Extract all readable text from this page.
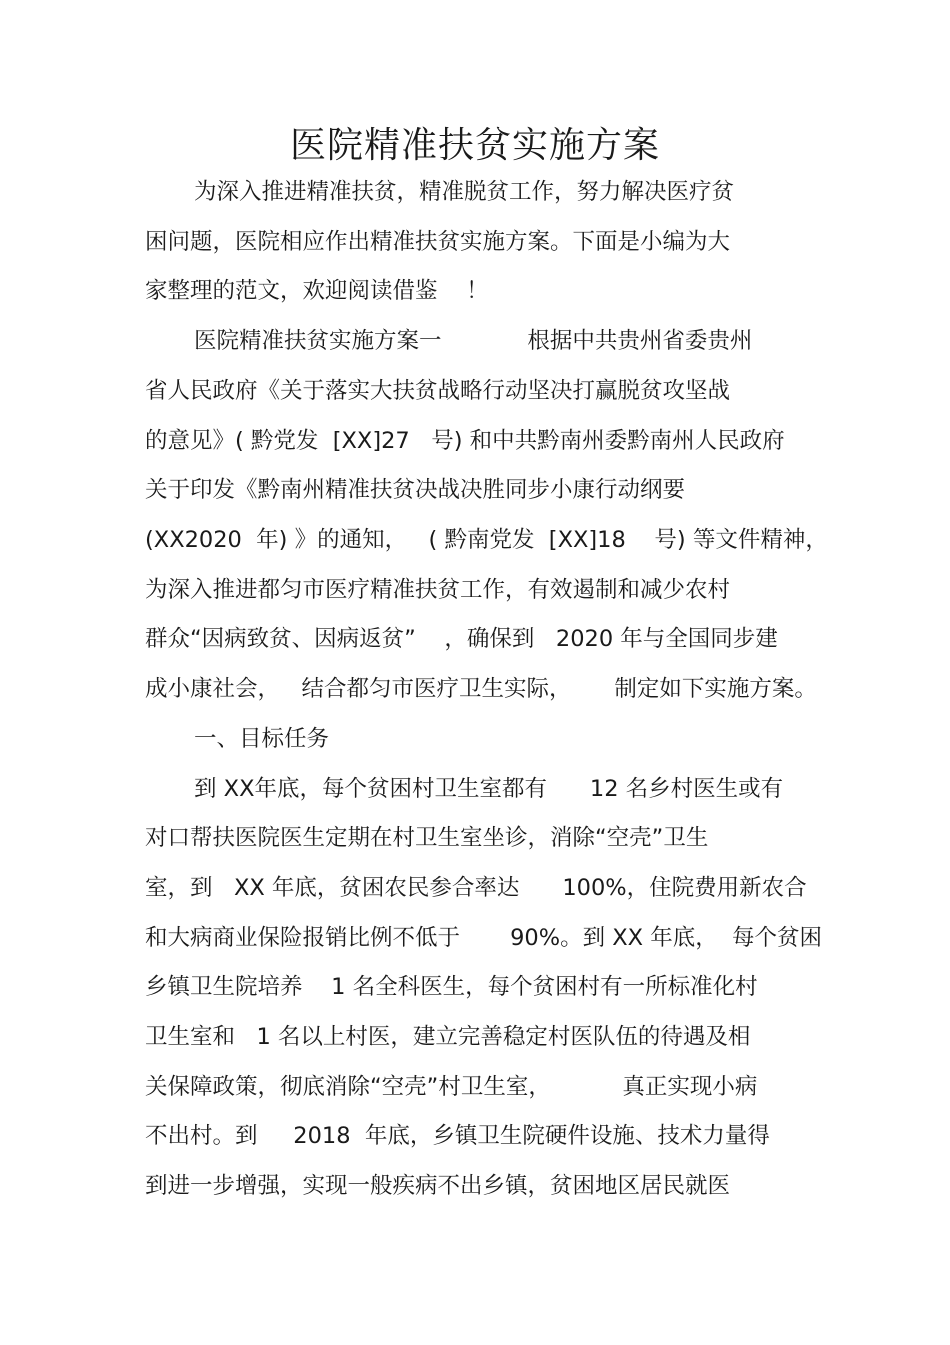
医院精准扶贫实施方案

为深入推进精准扶贫，精准脱贫工作，努力解决医疗贫

困问题，医院相应作出精准扶贫实施方案。下面是小编为大

家整理的范文，欢迎阅读借鉴    ！

医院精准扶贫实施方案一            根据中共贵州省委贵州

省人民政府《关于落实大扶贫战略行动坚决打赢脱贫攻坚战

的意见》( 黔党发  [XX]27   号) 和中共黔南州委黔南州人民政府

关于印发《黔南州精准扶贫决战决胜同步小康行动纲要

(XX2020  年) 》的通知，   ( 黔南党发  [XX]18    号) 等文件精神，

为深入推进都匀市医疗精准扶贫工作，有效遏制和减少农村

群众“因病致贫、因病返贫”    ，确保到   2020 年与全国同步建

成小康社会，   结合都匀市医疗卫生实际，      制定如下实施方案。

一、目标任务

到 XX年底，每个贫困村卫生室都有      12 名乡村医生或有

对口帮扶医院医生定期在村卫生室坐诊，消除“空壳”卫生

室，到   XX 年底，贫困农民参合率达      100%，住院费用新农合

和大病商业保险报销比例不低于       90%。到 XX 年底，  每个贫困

乡镇卫生院培养    1 名全科医生，每个贫困村有一所标准化村

卫生室和   1 名以上村医，建立完善稳定村医队伍的待遇及相

关保障政策，彻底消除“空壳”村卫生室，          真正实现小病

不出村。到     2018  年底，乡镇卫生院硬件设施、技术力量得

到进一步增强，实现一般疾病不出乡镇，贫困地区居民就医
